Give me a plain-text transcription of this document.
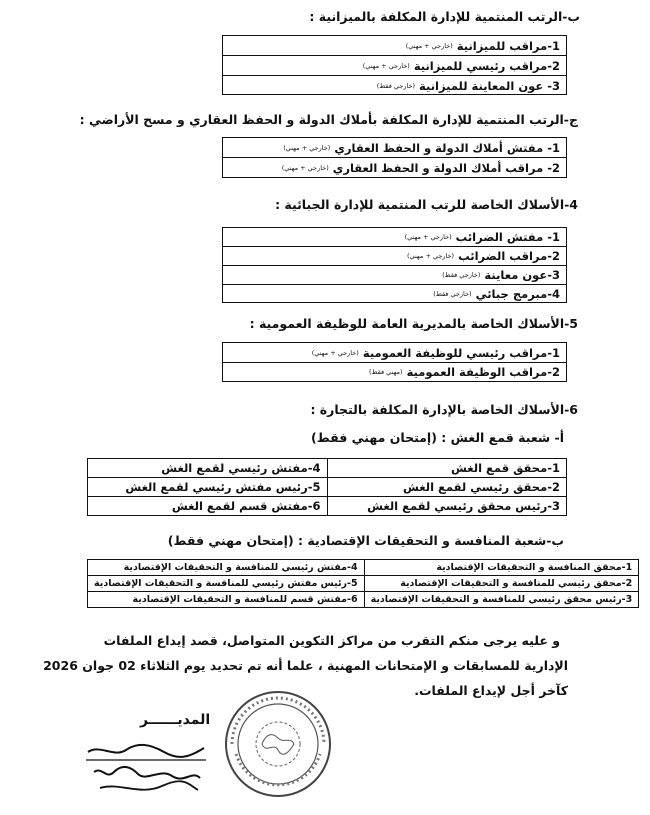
ب-الرتب المنتمية للإدارة المكلفة بالميزانية :
1-مراقب للميزانية
(خارجي + مهني)
2-مراقب رئيسي للميزانية
(خارجي + مهني)
3- عون المعاينة للميزانية
(خارجي فقط)
ج-الرتب المنتمية للإدارة المكلفة بأملاك الدولة و الحفظ العقاري و مسح الأراضي :
1- مفتش أملاك الدولة و الحفظ العقاري
(خارجي + مهني)
2- مراقب أملاك الدولة و الحفظ العقاري
(خارجي + مهني)
4-الأسلاك الخاصة للرتب المنتمية للإدارة الجبائية :
1- مفتش الضرائب
(خارجي + مهني)
2-مراقب الضرائب
(خارجي + مهني)
3-عون معاينة
(خارجي فقط)
4-مبرمج جبائي
(خارجي فقط)
5-الأسلاك الخاصة بالمديرية العامة للوظيفة العمومية :
1-مراقب رئيسي للوظيفة العمومية
(خارجي + مهني)
2-مراقب الوظيفة العمومية
(مهني فقط)
6-الأسلاك الخاصة بالإدارة المكلفة بالتجارة :
أ- شعبة قمع الغش : (إمتحان مهني فقط)
1-محقق قمع الغش	4-مفتش رئيسي لقمع الغش
2-محقق رئيسي لقمع الغش	5-رئيس مفتش رئيسي لقمع الغش
3-رئيس محقق رئيسي لقمع الغش	6-مفتش قسم لقمع الغش
ب-شعبة المنافسة و التحقيقات الإقتصادية : (إمتحان مهني فقط)
1-محقق المنافسة و التحقيقات الإقتصادية	4-مفتش رئيسي للمنافسة و التحقيقات الإقتصادية
2-محقق رئيسي للمنافسة و التحقيقات الإقتصادية	5-رئيس مفتش رئيسي للمنافسة و التحقيقات الإقتصادية
3-رئيس محقق رئيسي للمنافسة و التحقيقات الإقتصادية	6-مفتش قسم للمنافسة و التحقيقات الإقتصادية
و عليه يرجى منكم التقرب من مراكز التكوين المتواصل، قصد إيداع الملفات
الإدارية للمسابقات و الإمتحانات المهنية ، علما أنه تم تحديد يوم الثلاثاء 02 جوان 2026
كآخر أجل لإيداع الملفات.
المديــــــر
